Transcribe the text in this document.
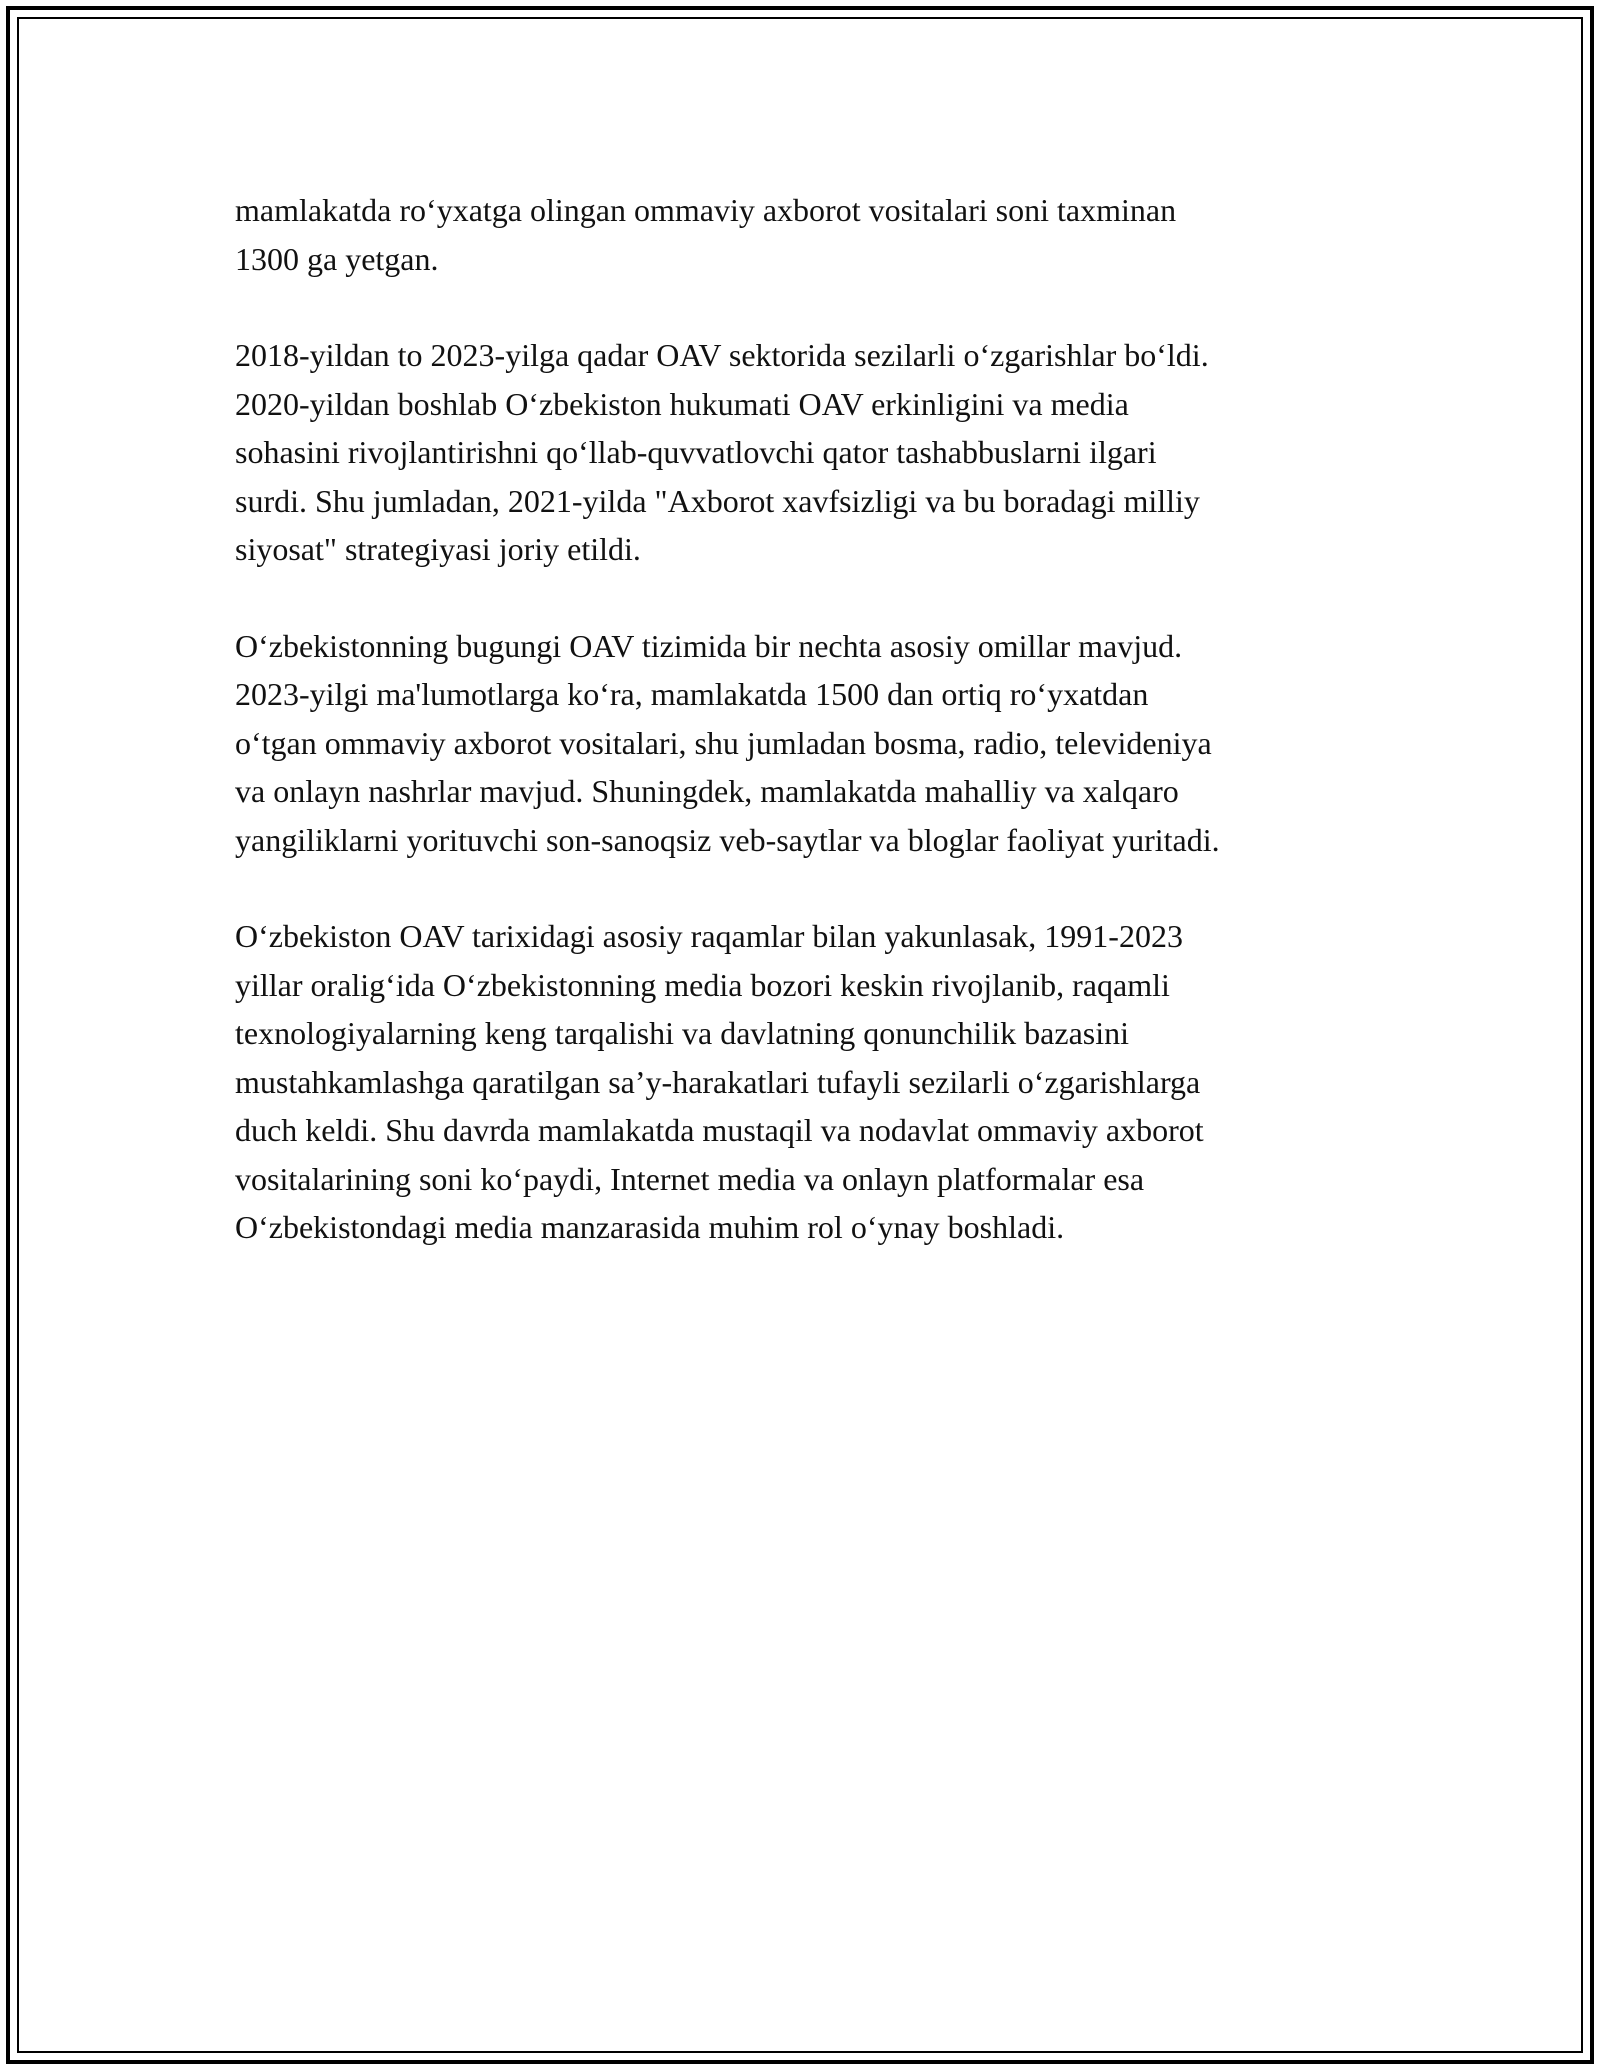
mamlakatda roʻyxatga olingan ommaviy axborot vositalari soni taxminan
1300 ga yetgan.

2018-yildan to 2023-yilga qadar OAV sektorida sezilarli oʻzgarishlar boʻldi.
2020-yildan boshlab Oʻzbekiston hukumati OAV erkinligini va media
sohasini rivojlantirishni qoʻllab-quvvatlovchi qator tashabbuslarni ilgari
surdi. Shu jumladan, 2021-yilda "Axborot xavfsizligi va bu boradagi milliy
siyosat" strategiyasi joriy etildi.

Oʻzbekistonning bugungi OAV tizimida bir nechta asosiy omillar mavjud.
2023-yilgi ma'lumotlarga koʻra, mamlakatda 1500 dan ortiq roʻyxatdan
oʻtgan ommaviy axborot vositalari, shu jumladan bosma, radio, televideniya
va onlayn nashrlar mavjud. Shuningdek, mamlakatda mahalliy va xalqaro
yangiliklarni yorituvchi son-sanoqsiz veb-saytlar va bloglar faoliyat yuritadi.

Oʻzbekiston OAV tarixidagi asosiy raqamlar bilan yakunlasak, 1991-2023
yillar oraligʻida Oʻzbekistonning media bozori keskin rivojlanib, raqamli
texnologiyalarning keng tarqalishi va davlatning qonunchilik bazasini
mustahkamlashga qaratilgan saʼy-harakatlari tufayli sezilarli oʻzgarishlarga
duch keldi. Shu davrda mamlakatda mustaqil va nodavlat ommaviy axborot
vositalarining soni koʻpaydi, Internet media va onlayn platformalar esa
Oʻzbekistondagi media manzarasida muhim rol oʻynay boshladi.
